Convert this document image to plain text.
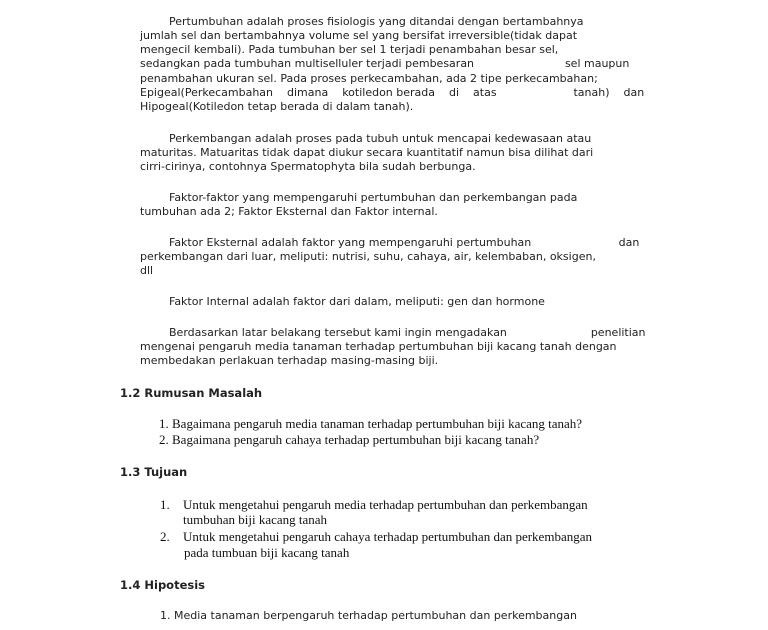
Pertumbuhan adalah proses fisiologis yang ditandai dengan bertambahnya

jumlah sel dan bertambahnya volume sel yang bersifat irreversible(tidak dapat

mengecil kembali). Pada tumbuhan ber sel 1 terjadi penambahan besar sel,

sedangkan pada tumbuhan multiselluler terjadi pembesaran                          sel maupun

penambahan ukuran sel. Pada proses perkecambahan, ada 2 tipe perkecambahan;

Epigeal(Perkecambahan    dimana    kotiledon berada    di    atas                      tanah)    dan

Hipogeal(Kotiledon tetap berada di dalam tanah).

Perkembangan adalah proses pada tubuh untuk mencapai kedewasaan atau

maturitas. Matuaritas tidak dapat diukur secara kuantitatif namun bisa dilihat dari

cirri-cirinya, contohnya Spermatophyta bila sudah berbunga.

Faktor-faktor yang mempengaruhi pertumbuhan dan perkembangan pada

tumbuhan ada 2; Faktor Eksternal dan Faktor internal.

Faktor Eksternal adalah faktor yang mempengaruhi pertumbuhan                         dan

perkembangan dari luar, meliputi: nutrisi, suhu, cahaya, air, kelembaban, oksigen,

dll

Faktor Internal adalah faktor dari dalam, meliputi: gen dan hormone

Berdasarkan latar belakang tersebut kami ingin mengadakan                        penelitian

mengenai pengaruh media tanaman terhadap pertumbuhan biji kacang tanah dengan

membedakan perlakuan terhadap masing-masing biji.

1.2 Rumusan Masalah

1. Bagaimana pengaruh media tanaman terhadap pertumbuhan biji kacang tanah?

2. Bagaimana pengaruh cahaya terhadap pertumbuhan biji kacang tanah?

1.3 Tujuan

1. Untuk mengetahui pengaruh media terhadap pertumbuhan dan perkembangan

tumbuhan biji kacang tanah

2. Untuk mengetahui pengaruh cahaya terhadap pertumbuhan dan perkembangan

pada tumbuan biji kacang tanah

1.4 Hipotesis

1. Media tanaman berpengaruh terhadap pertumbuhan dan perkembangan
